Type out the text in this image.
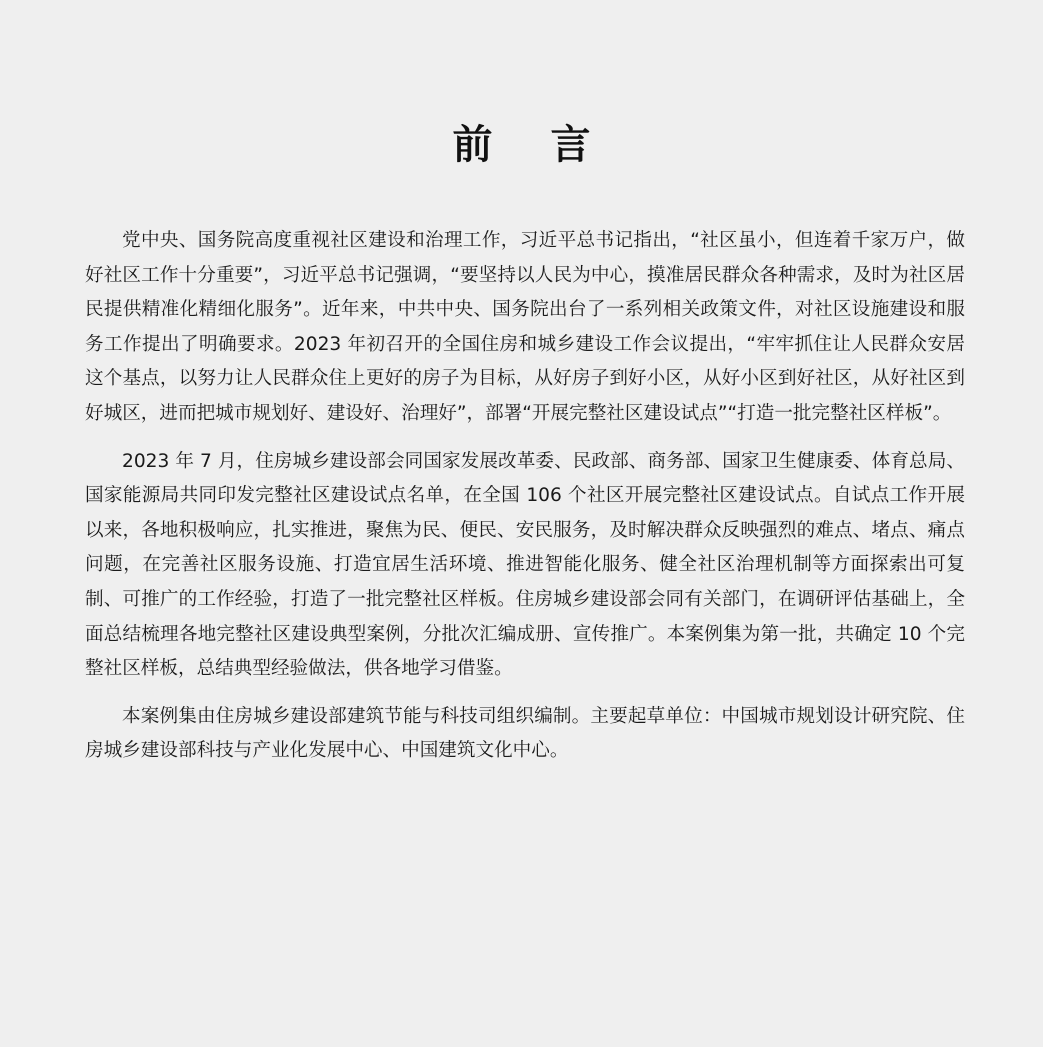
前 言

党中央、国务院高度重视社区建设和治理工作，习近平总书记指出，“社区虽小，但连着千家万户，做好社区工作十分重要”，习近平总书记强调，“要坚持以人民为中心，摸准居民群众各种需求，及时为社区居民提供精准化精细化服务”。近年来，中共中央、国务院出台了一系列相关政策文件，对社区设施建设和服务工作提出了明确要求。2023 年初召开的全国住房和城乡建设工作会议提出，“牢牢抓住让人民群众安居这个基点，以努力让人民群众住上更好的房子为目标，从好房子到好小区，从好小区到好社区，从好社区到好城区，进而把城市规划好、建设好、治理好”，部署“开展完整社区建设试点”“打造一批完整社区样板”。

2023 年 7 月，住房城乡建设部会同国家发展改革委、民政部、商务部、国家卫生健康委、体育总局、国家能源局共同印发完整社区建设试点名单，在全国 106 个社区开展完整社区建设试点。自试点工作开展以来，各地积极响应，扎实推进，聚焦为民、便民、安民服务，及时解决群众反映强烈的难点、堵点、痛点问题，在完善社区服务设施、打造宜居生活环境、推进智能化服务、健全社区治理机制等方面探索出可复制、可推广的工作经验，打造了一批完整社区样板。住房城乡建设部会同有关部门，在调研评估基础上，全面总结梳理各地完整社区建设典型案例，分批次汇编成册、宣传推广。本案例集为第一批，共确定 10 个完整社区样板，总结典型经验做法，供各地学习借鉴。

本案例集由住房城乡建设部建筑节能与科技司组织编制。主要起草单位：中国城市规划设计研究院、住房城乡建设部科技与产业化发展中心、中国建筑文化中心。
